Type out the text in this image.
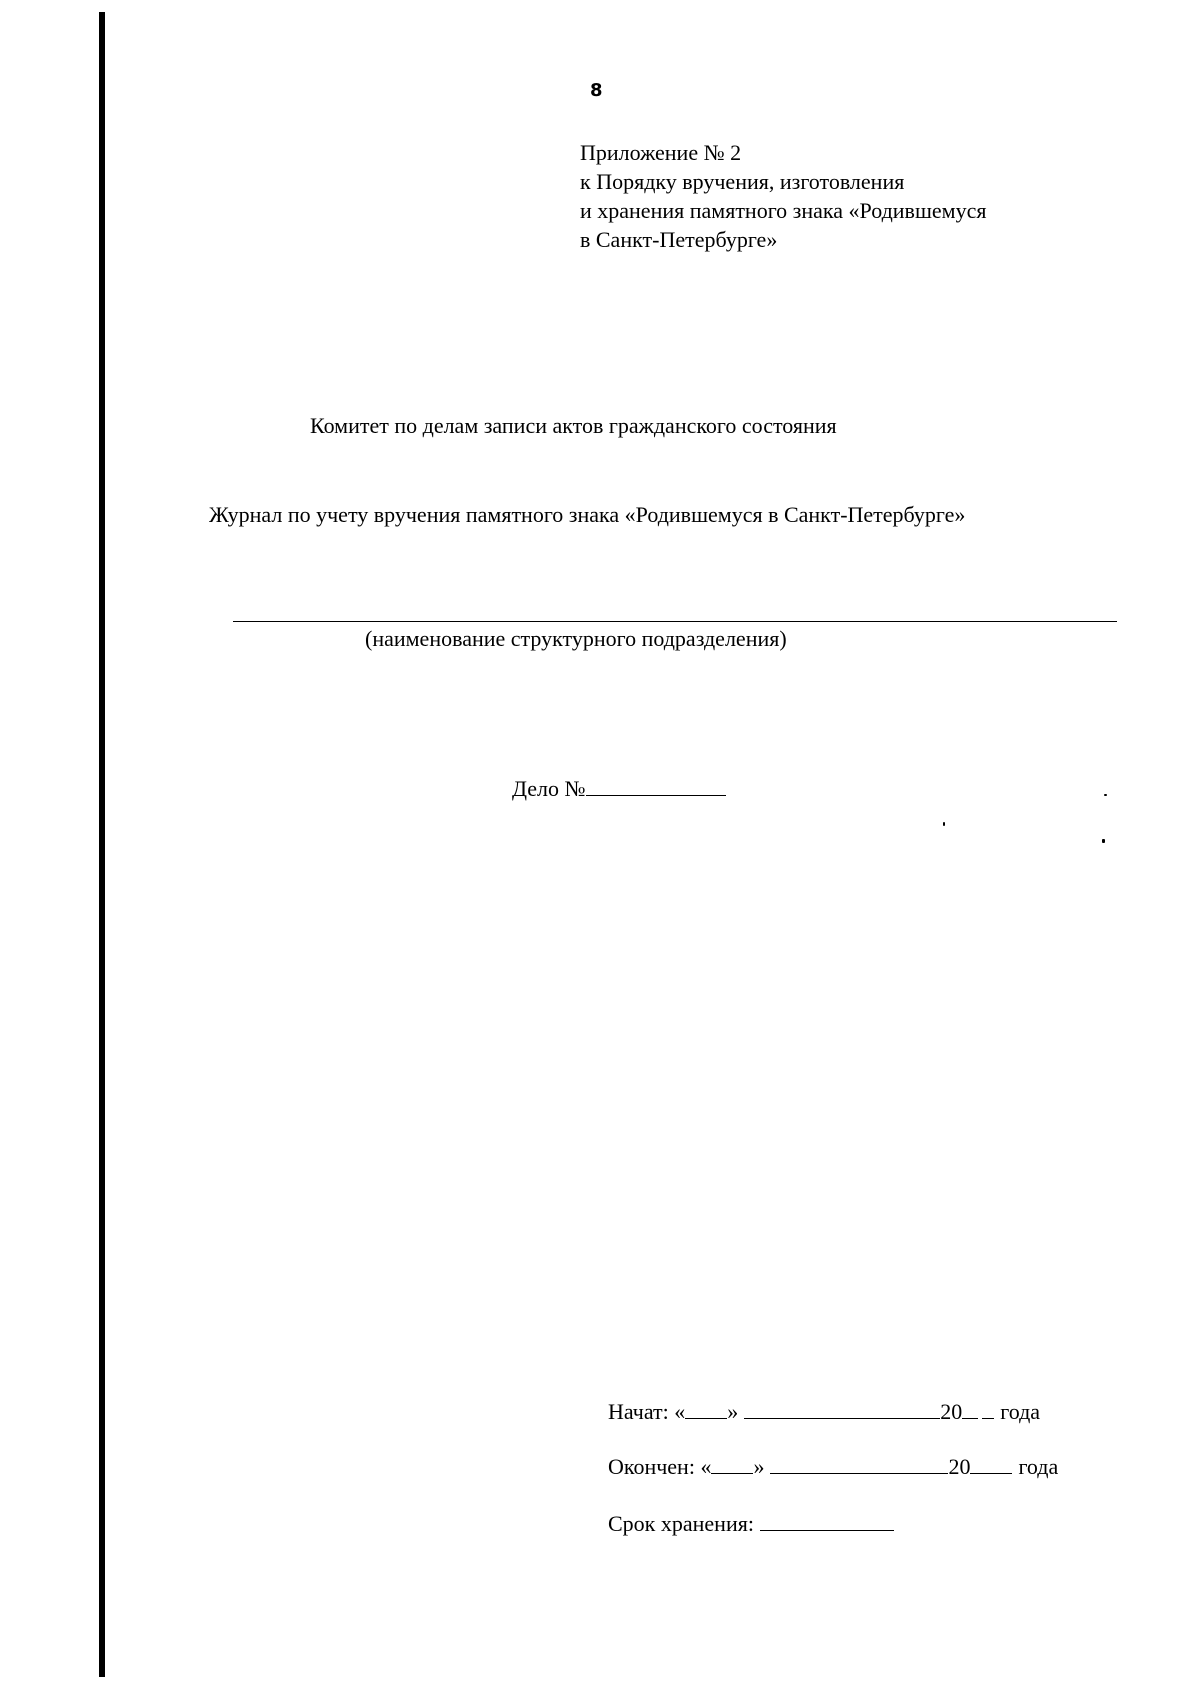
8
Приложение № 2
к Порядку вручения, изготовления
и хранения памятного знака «Родившемуся
в Санкт-Петербурге»
Комитет по делам записи актов гражданского состояния
Журнал по учету вручения памятного знака «Родившемуся в Санкт-Петербурге»
(наименование структурного подразделения)
Дело №
Начат: « »	20 года
Окончен: « »	20 года
Срок хранения:
